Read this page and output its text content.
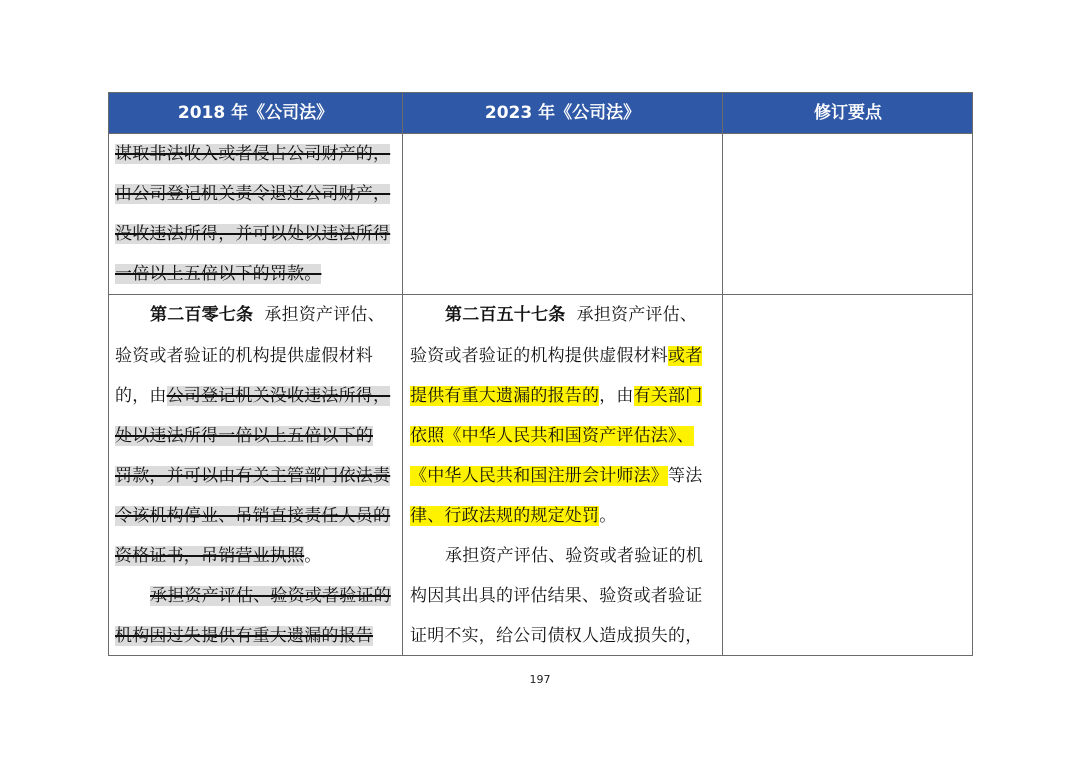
2018 年《公司法》	2023 年《公司法》	修订要点
谋取非法收入或者侵占公司财产的，
由公司登记机关责令退还公司财产，
没收违法所得，并可以处以违法所得
一倍以上五倍以下的罚款。
第二百零七条 承担资产评估、
验资或者验证的机构提供虚假材料
的，由公司登记机关没收违法所得，
处以违法所得一倍以上五倍以下的
罚款，并可以由有关主管部门依法责
令该机构停业、吊销直接责任人员的
资格证书，吊销营业执照。
承担资产评估、验资或者验证的
机构因过失提供有重大遗漏的报告
第二百五十七条 承担资产评估、
验资或者验证的机构提供虚假材料或者
提供有重大遗漏的报告的，由有关部门
依照《中华人民共和国资产评估法》、
《中华人民共和国注册会计师法》等法
律、行政法规的规定处罚。
承担资产评估、验资或者验证的机
构因其出具的评估结果、验资或者验证
证明不实，给公司债权人造成损失的，
197
